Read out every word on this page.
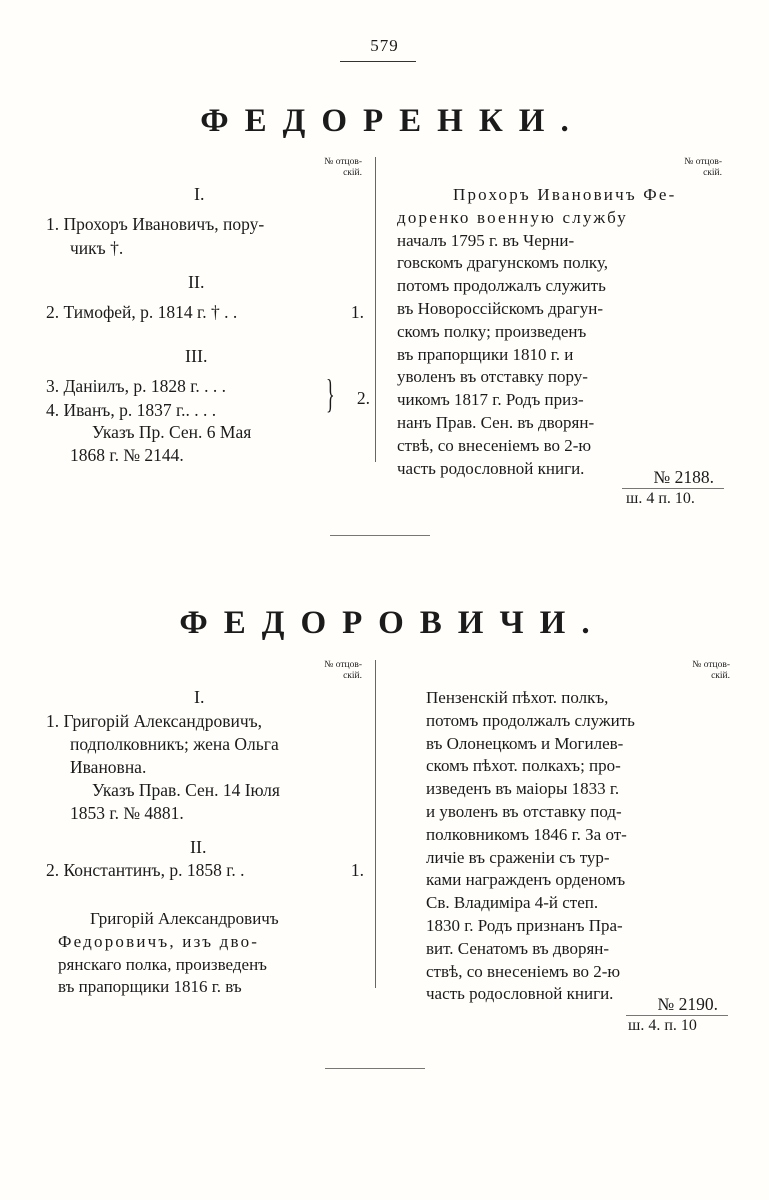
579
ФЕДОРЕНКИ.
№ отцов-
скій.
№ отцов-
скій.
I.
1. Прохоръ Ивановичъ, пору-
чикъ †.
II.
2. Тимофей, р. 1814 г. † . .	1.
III.
3. Даніилъ, р. 1828 г. . . .
4. Иванъ, р. 1837 г.. . . .	}	2.
Указъ Пр. Сен. 6 Мая
1868 г. № 2144.
Прохоръ Ивановичъ Фе-
доренко военную службу
началъ 1795 г. въ Черни-
говскомъ драгунскомъ полку,
потомъ продолжалъ служить
въ Новороссійскомъ драгун-
скомъ полку; произведенъ
въ прапорщики 1810 г. и
уволенъ въ отставку пору-
чикомъ 1817 г. Родъ приз-
нанъ Прав. Сен. въ дворян-
ствѣ, со внесеніемъ во 2-ю
часть родословной книги.	№ 2188.
ш. 4 п. 10.
ФЕДОРОВИЧИ.
№ отцов-
скій.
№ отцов-
скій.
I.
1. Григорій Александровичъ,
подполковникъ; жена Ольга
Ивановна.
Указъ Прав. Сен. 14 Іюля
1853 г. № 4881.
II.
2. Константинъ, р. 1858 г. .	1.
Григорій Александровичъ
Федоровичъ, изъ дво-
рянскаго полка, произведенъ
въ прапорщики 1816 г. въ
Пензенскій пѣхот. полкъ,
потомъ продолжалъ служить
въ Олонецкомъ и Могилев-
скомъ пѣхот. полкахъ; про-
изведенъ въ маіоры 1833 г.
и уволенъ въ отставку под-
полковникомъ 1846 г. За от-
личіе въ сраженіи съ тур-
ками награжденъ орденомъ
Св. Владиміра 4-й степ.
1830 г. Родъ признанъ Пра-
вит. Сенатомъ въ дворян-
ствѣ, со внесеніемъ во 2-ю
часть родословной книги.
№ 2190.
ш. 4. п. 10
